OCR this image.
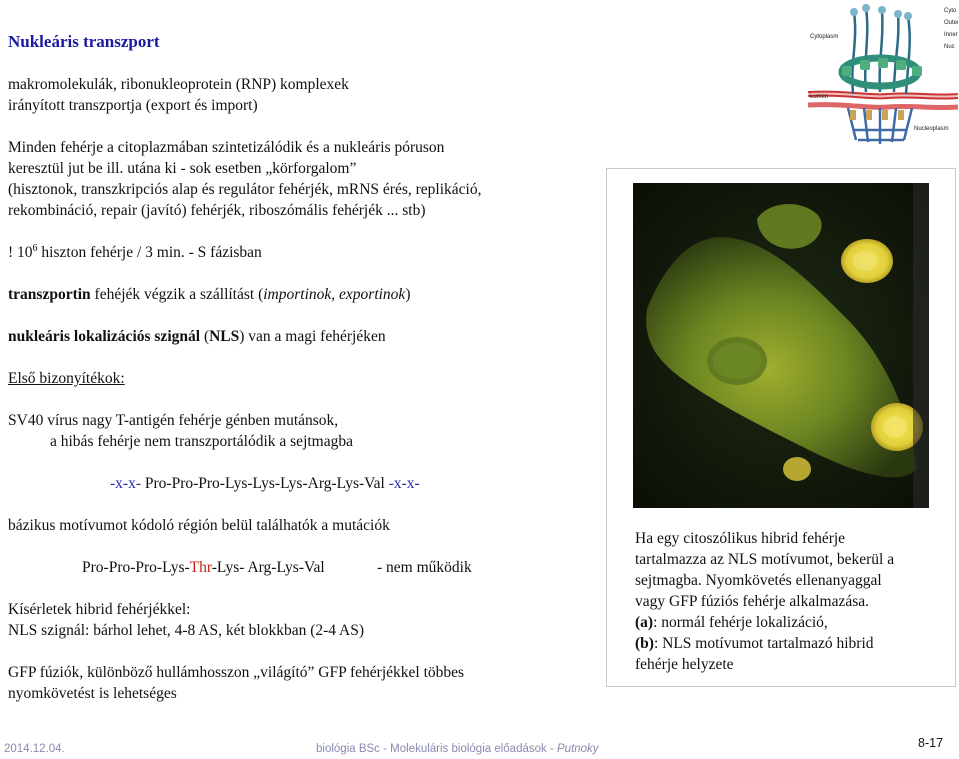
Nukleáris transzport
makromolekulák, ribonukleoprotein (RNP) komplexek
irányított transzportja (export és import)
Minden fehérje a citoplazmában szintetizálódik és a nukleáris póruson
keresztül jut be ill. utána ki - sok esetben „körforgalom”
(hisztonok, transzkripciós alap és regulátor fehérjék, mRNS érés, replikáció,
rekombináció, repair (javító) fehérjék, riboszómális fehérjék ... stb)
! $10^6$ hiszton fehérje / 3 min. - S fázisban
transzportin fehéjék végzik a szállítást (importinok, exportinok)
nukleáris lokalizációs szignál (NLS) van a magi fehérjéken
Első bizonyítékok:
SV40 vírus nagy T-antigén fehérje génben mutánsok,
a hibás fehérje nem transzportálódik a sejtmagba
-x-x- Pro-Pro-Pro-Lys-Lys-Lys-Arg-Lys-Val -x-x-
bázikus motívumot kódoló régión belül találhatók a mutációk
Pro-Pro-Pro-Lys-Thr-Lys- Arg-Lys-Val	- nem működik
Kísérletek hibrid fehérjékkel:
NLS szignál: bárhol lehet, 4-8 AS, két blokkban (2-4 AS)
GFP fúziók, különböző hullámhosszon „világító” GFP fehérjékkel többes
nyomkövetést is lehetséges
Cytoplasm
Lumen
Nucleoplasm
Cyto
Outer
Inner
Nuc
Ha egy citoszólikus hibrid fehérje
tartalmazza az NLS motívumot, bekerül a
sejtmagba. Nyomkövetés ellenanyaggal
vagy GFP fúziós fehérje alkalmazása.
(a): normál fehérje lokalizáció,
(b): NLS motívumot tartalmazó hibrid
fehérje helyzete
2014.12.04.	biológia BSc - Molekuláris biológia előadások - Putnoky	8-17
